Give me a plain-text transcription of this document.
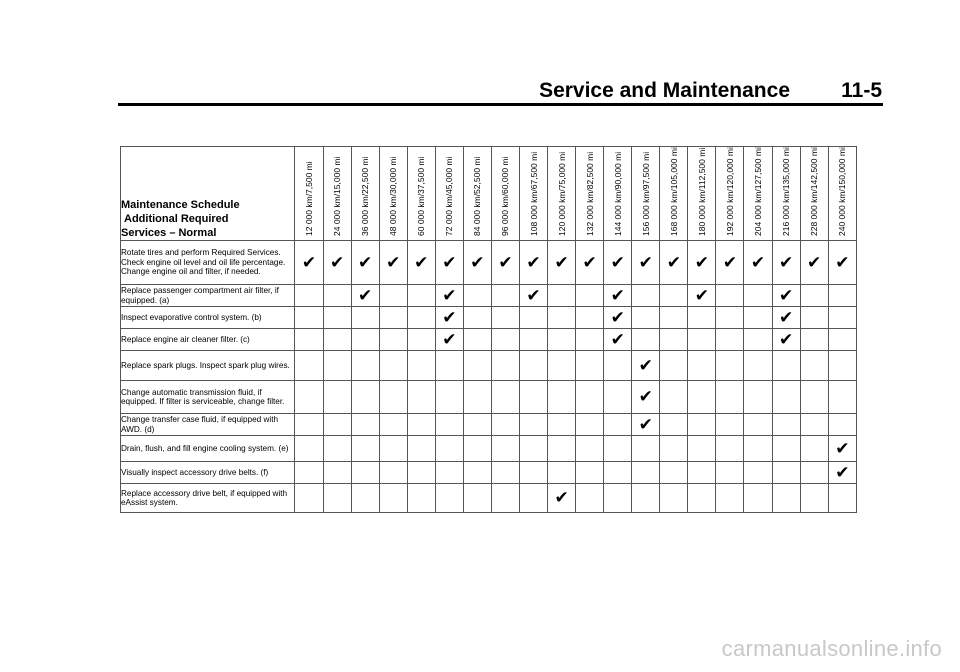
Service and Maintenance 11-5
Maintenance Schedule
Additional Required
Services – Normal	12 000 km/7,500 mi	24 000 km/15,000 mi	36 000 km/22,500 mi	48 000 km/30,000 mi	60 000 km/37,500 mi	72 000 km/45,000 mi	84 000 km/52,500 mi	96 000 km/60,000 mi	108 000 km/67,500 mi	120 000 km/75,000 mi	132 000 km/82,500 mi	144 000 km/90,000 mi	156 000 km/97,500 mi	168 000 km/105,000 mi	180 000 km/112,500 mi	192 000 km/120,000 mi	204 000 km/127,500 mi	216 000 km/135,000 mi	228 000 km/142,500 mi	240 000 km/150,000 mi

Rotate tires and perform Required Services. Check engine oil level and oil life percentage. Change engine oil and filter, if needed.	✔	✔	✔	✔	✔	✔	✔	✔	✔	✔	✔	✔	✔	✔	✔	✔	✔	✔	✔	✔
Replace passenger compartment air filter, if equipped. (a)			✔			✔			✔			✔			✔			✔		
Inspect evaporative control system. (b)						✔						✔						✔		
Replace engine air cleaner filter. (c)						✔						✔						✔		
Replace spark plugs. Inspect spark plug wires.													✔							
Change automatic transmission fluid, if equipped. If filter is serviceable, change filter.													✔							
Change transfer case fluid, if equipped with AWD. (d)													✔							
Drain, flush, and fill engine cooling system. (e)																				✔
Visually inspect accessory drive belts. (f)																				✔
Replace accessory drive belt, if equipped with eAssist system.										✔										
carmanualsonline.info
